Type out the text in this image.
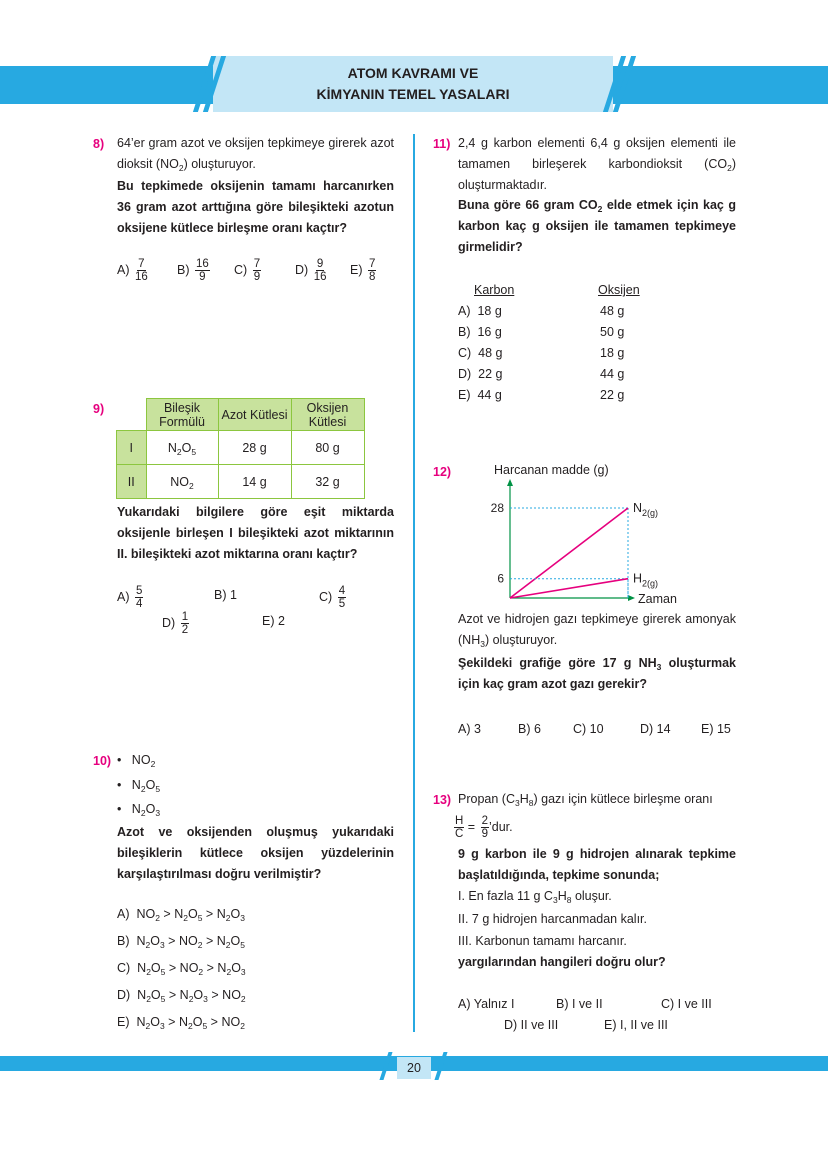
ATOM KAVRAMI VE
KİMYANIN TEMEL YASALARI
8) 64’er gram azot ve oksijen tepkimeye girerek azot dioksit $(NO_2)$ oluşturuyor.
Bu tepkimede oksijenin tamamı harcanırken 36 gram azot arttığına göre bileşikteki azotun oksijene kütlece birleşme oranı kaçtır?
$A) \frac{7}{16} B) \frac{16}{9} C) \frac{7}{9}$	$D) \frac{9}{16} E) \frac{7}{8}$
9)
		Bileşik Formülü	Azot Kütlesi	Oksijen Kütlesi
I	$N_2O_5$	28 g	80 g
II	$NO_2$	14 g	32 g
Yukarıdaki bilgilere göre eşit miktarda oksijenle birleşen I bileşikteki azot miktarının II. bileşikteki azot miktarına oranı kaçtır?
$A) \frac{5}{4}$	B) 1	$C) \frac{4}{5}$
$D) \frac{1}{2}$	E) 2
10) •   $NO_2$
•   $N_2O_5$
•   $N_2O_3$
Azot ve oksijenden oluşmuş yukarıdaki bileşiklerin kütlece oksijen yüzdelerinin karşılaştırılması doğru verilmiştir?
A)  $NO_2 > N_2O_5 > N_2O_3$
B)  $N_2O_3 > NO_2 > N_2O_5$
C)  $N_2O_5 > NO_2 > N_2O_3$
D)  $N_2O_5 > N_2O_3 > NO_2$
E)  $N_2O_3 > N_2O_5 > NO_2$
11) 2,4 g karbon elementi 6,4 g oksijen elementi ile tamamen birleşerek karbondioksit $(CO_2)$ oluşturmaktadır.
Buna göre 66 gram $CO_2$ elde etmek için kaç g karbon kaç g oksijen ile tamamen tepkimeye girmelidir?
Karbon	Oksijen
A) 18 g	48 g
B) 16 g	50 g
C) 48 g	18 g
D) 22 g	44 g
E) 44 g	22 g
12)	Harcanan madde (g)
Zaman
28	$N_{2(g)}$
6	$H_{2(g)}$
Azot ve hidrojen gazı tepkimeye girerek amonyak $(NH_3)$ oluşturuyor.
Şekildeki grafiğe göre 17 g $NH_3$ oluşturmak için kaç gram azot gazı gerekir?
A) 3	B) 6	C) 10	D) 14 E) 15
13) Propan $(C_3H_8)$ gazı için kütlece birleşme oranı
$\frac{H}{C} = \frac{2}{9}$ ’dur.
9 g karbon ile 9 g hidrojen alınarak tepkime başlatıldığında, tepkime sonunda;
I. En fazla 11 g $C_3H_8$ oluşur.
II. 7 g hidrojen harcanmadan kalır.
III. Karbonun tamamı harcanır.
yargılarından hangileri doğru olur?
A) Yalnız I	B) I ve II	C) I ve III
D) II ve III	E) I, II ve III
20
